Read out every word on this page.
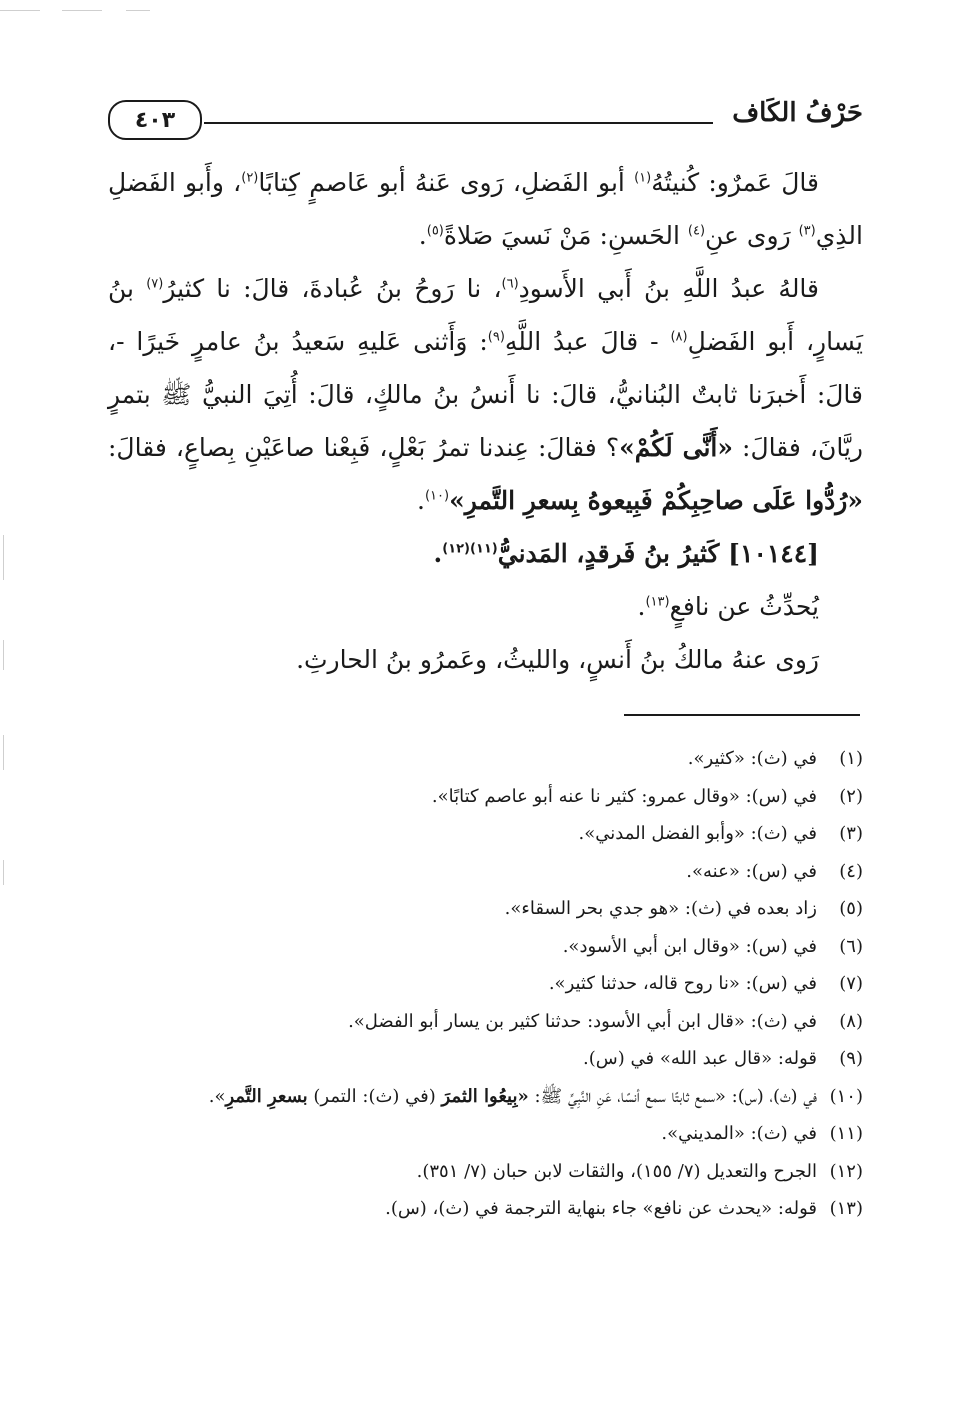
٤٠٣	حَرْفُ الكَاف

قالَ عَمرٌو: كُنيتُهُ$^{(١)}$ أبو الفَضلِ، رَوى عَنهُ أبو عَاصمٍ كِتابًا$^{(٢)}$، وأَبو الفَضلِ الذِي$^{(٣)}$ رَوى عنِ$^{(٤)}$ الحَسنِ: مَنْ نَسيَ صَلاةً$^{(٥)}$.

قالهُ عبدُ اللَّهِ بنُ أَبي الأَسودِ$^{(٦)}$، نا رَوحُ بنُ عُبادةَ، قالَ: نا كثيرُ$^{(٧)}$ بنُ يَسارٍ، أَبو الفَضلِ$^{(٨)}$ - قالَ عبدُ اللَّهِ$^{(٩)}$: وَأَثنى عَليهِ سَعيدُ بنُ عامرٍ خَيرًا -، قالَ: أَخبرَنا ثابتٌ البُنانيُّ، قالَ: نا أَنسُ بنُ مالكٍ، قالَ: أُتِيَ النبيُّ ﷺ بتمرٍ ريَّانَ، فقالَ: «أَنَّى لَكُمْ»؟ فقالَ: عِندنا تمرُ بَعْلٍ، فَبِعْنا صاعَيْنِ بِصاعٍ، فقالَ: «رُدُّوا عَلَى صاحِبِكُمْ فَبِيعوهُ بِسعرِ التَّمرِ»$^{(١٠)}$.

[١٠١٤٤] كَثيرُ بنُ فَرقدٍ، المَدنيُّ$^{(١١)(١٢)}$.

يُحدِّثُ عن نافعٍ$^{(١٣)}$.

رَوى عنهُ مالكُ بنُ أَنسٍ، والليثُ، وعَمرُو بنُ الحارثِ.

(١)
في (ث): «كثير».
(٢)
في (س): «وقال عمرو: كثير نا عنه أبو عاصم كتابًا».
(٣)
في (ث): «وأبو الفضل المدني».
(٤)
في (س): «عنه».
(٥)
زاد بعده في (ث): «هو جدي بحر السقاء».
(٦)
في (س): «وقال ابن أبي الأسود».
(٧)
في (س): «نا روح قاله، حدثنا كثير».
(٨)
في (ث): «قال ابن أبي الأسود: حدثنا كثير بن يسار أبو الفضل».
(٩)
قوله: «قال عبد الله» في (س).
(١٠)
في (ث)، (س): «سمع ثابتًا سمع أنسًا، عَنِ النَّبِيِّ ﷺ: «بِيعُوا الثمرَ (في (ث): التمر) بسعرِ التَّمرِ».
(١١)
في (ث): «المديني».
(١٢)
الجرح والتعديل (٧/ ١٥٥)، والثقات لابن حبان (٧/ ٣٥١).
(١٣)
قوله: «يحدث عن نافع» جاء بنهاية الترجمة في (ث)، (س).
